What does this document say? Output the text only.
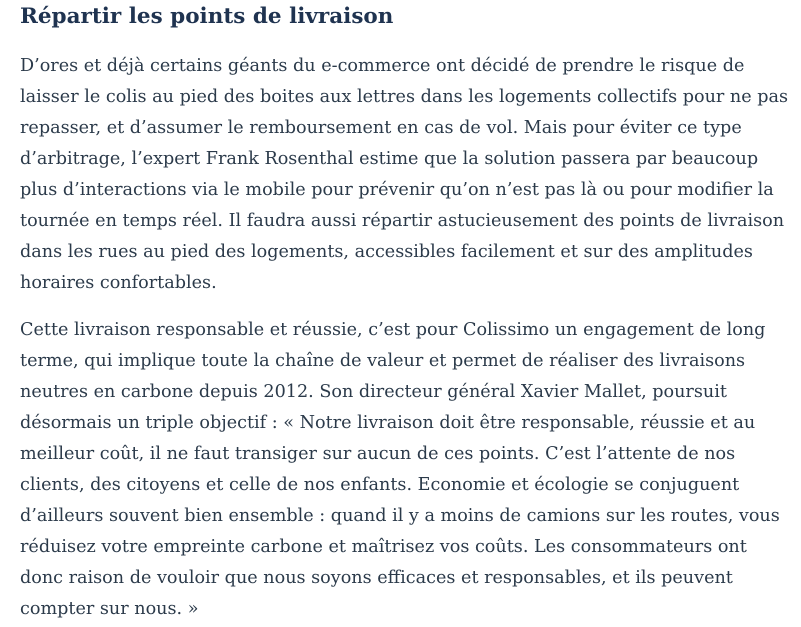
Répartir les points de livraison

D’ores et déjà certains géants du e-commerce ont décidé de prendre le risque de laisser le colis au pied des boites aux lettres dans les logements collectifs pour ne pas repasser, et d’assumer le remboursement en cas de vol. Mais pour éviter ce type d’arbitrage, l’expert Frank Rosenthal estime que la solution passera par beaucoup plus d’interactions via le mobile pour prévenir qu’on n’est pas là ou pour modifier la tournée en temps réel. Il faudra aussi répartir astucieusement des points de livraison dans les rues au pied des logements, accessibles facilement et sur des amplitudes horaires confortables.

Cette livraison responsable et réussie, c’est pour Colissimo un engagement de long terme, qui implique toute la chaîne de valeur et permet de réaliser des livraisons neutres en carbone depuis 2012. Son directeur général Xavier Mallet, poursuit désormais un triple objectif : « Notre livraison doit être responsable, réussie et au meilleur coût, il ne faut transiger sur aucun de ces points. C’est l’attente de nos clients, des citoyens et celle de nos enfants. Economie et écologie se conjuguent d’ailleurs souvent bien ensemble : quand il y a moins de camions sur les routes, vous réduisez votre empreinte carbone et maîtrisez vos coûts. Les consommateurs ont donc raison de vouloir que nous soyons efficaces et responsables, et ils peuvent compter sur nous. »
